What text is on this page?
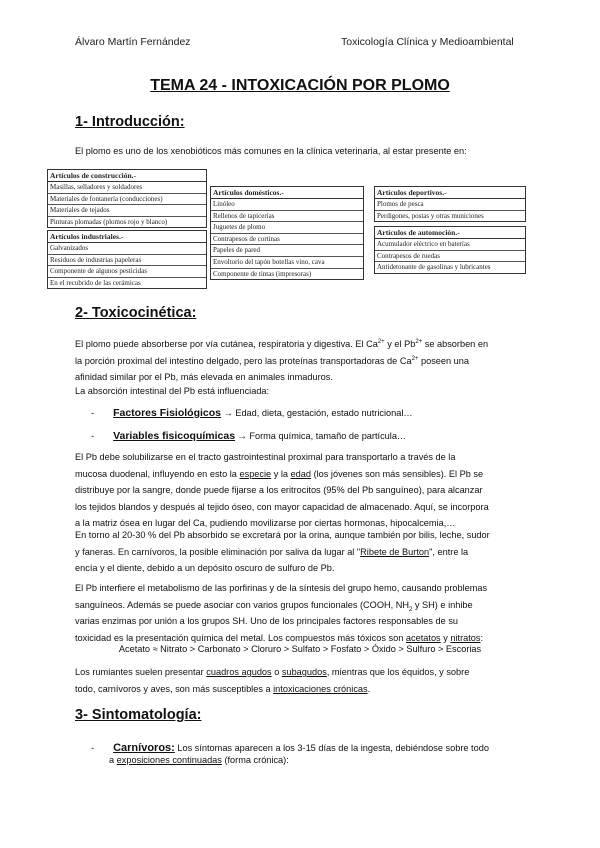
Álvaro Martín Fernández	Toxicología Clínica y Medioambiental
TEMA 24 - INTOXICACIÓN POR PLOMO
1- Introducción:
El plomo es uno de los xenobióticos más comunes en la clínica veterinaria, al estar presente en:
Artículos de construcción.-
Masillas, selladores y soldadores
Materiales de fontanería (conducciones)
Materiales de tejados
Pinturas plomadas (plomos rojo y blanco)
Artículos industriales.-
Galvanizados
Residuos de industrias papeleras
Componente de algunos pesticidas
En el recubrido de las cerámicas
Artículos domésticos.-
Linóleo
Rellenos de tapicerías
Juguetes de plomo
Contrapesos de cortinas
Papeles de pared
Envoltorio del tapón botellas vino, cava
Componente de tintas (impresoras)
Artículos deportivos.-
Plomos de pesca
Perdigones, postas y otras municiones
Artículos de automoción.-
Acumulador eléctrico en baterías
Contrapesos de ruedas
Antidetonante de gasolinas y lubricantes
2- Toxicocinética:
El plomo puede absorberse por vía cutánea, respiratoria y digestiva. El $Ca^{2+}$ y el $Pb^{2+}$ se absorben en
la porción proximal del intestino delgado, pero las proteínas transportadoras de $Ca^{2+}$ poseen una
afinidad similar por el Pb, más elevada en animales inmaduros.
La absorción intestinal del Pb está influenciada:
- Factores Fisiológicos → Edad, dieta, gestación, estado nutricional…
- Variables fisicoquímicas → Forma química, tamaño de partícula…
El Pb debe solubilizarse en el tracto gastrointestinal proximal para transportarlo a través de la
mucosa duodenal, influyendo en esto la especie y la edad (los jóvenes son más sensibles). El Pb se
distribuye por la sangre, donde puede fijarse a los eritrocitos (95% del Pb sanguíneo), para alcanzar
los tejidos blandos y después al tejido óseo, con mayor capacidad de almacenado. Aquí, se incorpora
a la matriz ósea en lugar del Ca, pudiendo movilizarse por ciertas hormonas, hipocalcemia,…
En torno al 20-30 % del Pb absorbido se excretará por la orina, aunque también por bilis, leche, sudor
y faneras. En carnívoros, la posible eliminación por saliva da lugar al "Ribete de Burton", entre la
encía y el diente, debido a un depósito oscuro de sulfuro de Pb.
El Pb interfiere el metabolismo de las porfirinas y de la síntesis del grupo hemo, causando problemas
sanguíneos. Además se puede asociar con varios grupos funcionales (COOH, $NH_2$ y SH) e inhibe
varias enzimas por unión a los grupos SH. Uno de los principales factores responsables de su
toxicidad es la presentación química del metal. Los compuestos más tóxicos son acetatos y nitratos:
Acetato ≈ Nitrato > Carbonato > Cloruro > Sulfato > Fosfato > Óxido > Sulfuro > Escorias
Los rumiantes suelen presentar cuadros agudos o subagudos, mientras que los équidos, y sobre
todo, carnívoros y aves, son más susceptibles a intoxicaciones crónicas.
3- Sintomatología:
- Carnívoros: Los síntomas aparecen a los 3-15 días de la ingesta, debiéndose sobre todo
a exposiciones continuadas (forma crónica):
